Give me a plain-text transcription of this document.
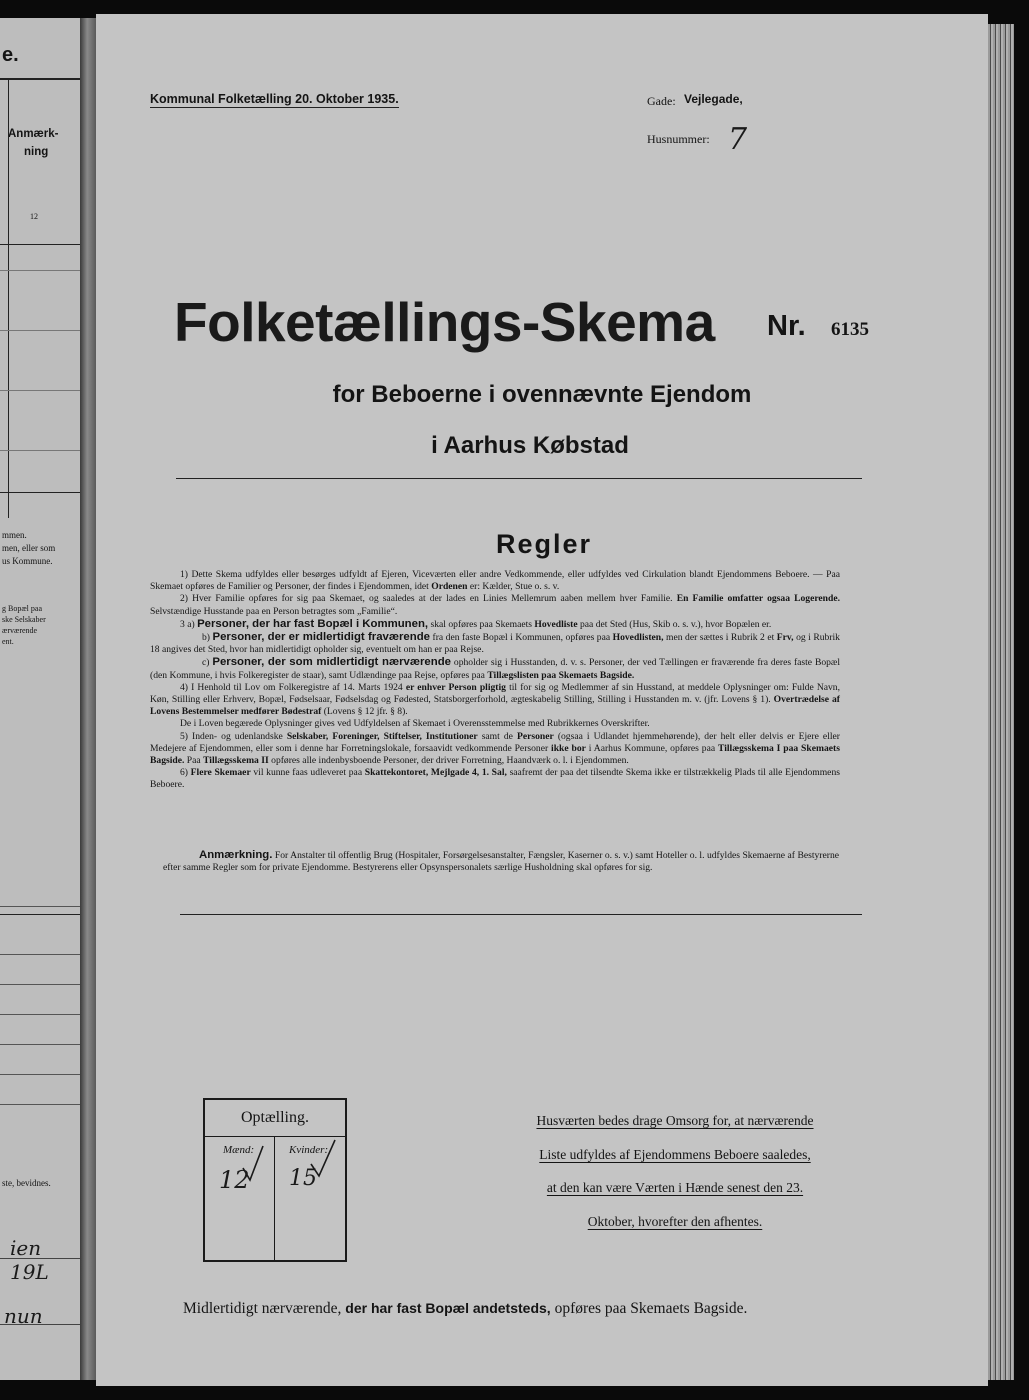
e.
Anmærk-
ning
12
mmen.
men, eller som
us Kommune.
g Bopæl paa
ske Selskaber
ærværende
ent.
ste, bevidnes.
ien 19L
nun
Kommunal Folketælling 20. Oktober 1935.	Gade: Vejlegade,
Husnummer: 7
Folketællings-Skema Nr. 6135
for Beboerne i ovennævnte Ejendom
i Aarhus Købstad
Regler

1) Dette Skema udfyldes eller besørges udfyldt af Ejeren, Viceværten eller andre Vedkommende, eller udfyldes ved Cirkulation blandt Ejendommens Beboere. — Paa Skemaet opføres de Familier og Personer, der findes i Ejendommen, idet Ordenen er: Kælder, Stue o. s. v.

2) Hver Familie opføres for sig paa Skemaet, og saaledes at der lades en Linies Mellemrum aaben mellem hver Familie. En Familie omfatter ogsaa Logerende. Selvstændige Husstande paa en Person betragtes som „Familie“.

3 a) Personer, der har fast Bopæl i Kommunen, skal opføres paa Skemaets Hovedliste paa det Sted (Hus, Skib o. s. v.), hvor Bopælen er.

b) Personer, der er midlertidigt fraværende fra den faste Bopæl i Kommunen, opføres paa Hovedlisten, men der sættes i Rubrik 2 et Frv, og i Rubrik 18 angives det Sted, hvor han midlertidigt opholder sig, eventuelt om han er paa Rejse.

c) Personer, der som midlertidigt nærværende opholder sig i Husstanden, d. v. s. Personer, der ved Tællingen er fraværende fra deres faste Bopæl (den Kommune, i hvis Folkeregister de staar), samt Udlændinge paa Rejse, opføres paa Tillægslisten paa Skemaets Bagside.

4) I Henhold til Lov om Folkeregistre af 14. Marts 1924 er enhver Person pligtig til for sig og Medlemmer af sin Husstand, at meddele Oplysninger om: Fulde Navn, Køn, Stilling eller Erhverv, Bopæl, Fødselsaar, Fødselsdag og Fødested, Statsborgerforhold, ægteskabelig Stilling, Stilling i Husstanden m. v. (jfr. Lovens § 1). Overtrædelse af Lovens Bestemmelser medfører Bødestraf (Lovens § 12 jfr. § 8).

De i Loven begærede Oplysninger gives ved Udfyldelsen af Skemaet i Overensstemmelse med Rubrikkernes Overskrifter.

5) Inden- og udenlandske Selskaber, Foreninger, Stiftelser, Institutioner samt de Personer (ogsaa i Udlandet hjemmehørende), der helt eller delvis er Ejere eller Medejere af Ejendommen, eller som i denne har Forretningslokale, forsaavidt vedkommende Personer ikke bor i Aarhus Kommune, opføres paa Tillægsskema I paa Skemaets Bagside. Paa Tillægsskema II opføres alle indenbysboende Personer, der driver Forretning, Haandværk o. l. i Ejendommen.

6) Flere Skemaer vil kunne faas udleveret paa Skattekontoret, Mejlgade 4, 1. Sal, saafremt der paa det tilsendte Skema ikke er tilstrækkelig Plads til alle Ejendommens Beboere.

Anmærkning. For Anstalter til offentlig Brug (Hospitaler, Forsørgelsesanstalter, Fængsler, Kaserner o. s. v.) samt Hoteller o. l. udfyldes Skemaerne af Bestyrerne efter samme Regler som for private Ejendomme. Bestyrerens eller Opsynspersonalets særlige Husholdning skal opføres for sig.

Optælling.
Mænd:	Kvinder:
12 15
Husværten bedes drage Omsorg for, at nærværende
Liste udfyldes af Ejendommens Beboere saaledes,
at den kan være Værten i Hænde senest den 23.
Oktober, hvorefter den afhentes.
Midlertidigt nærværende, der har fast Bopæl andetsteds, opføres paa Skemaets Bagside.
